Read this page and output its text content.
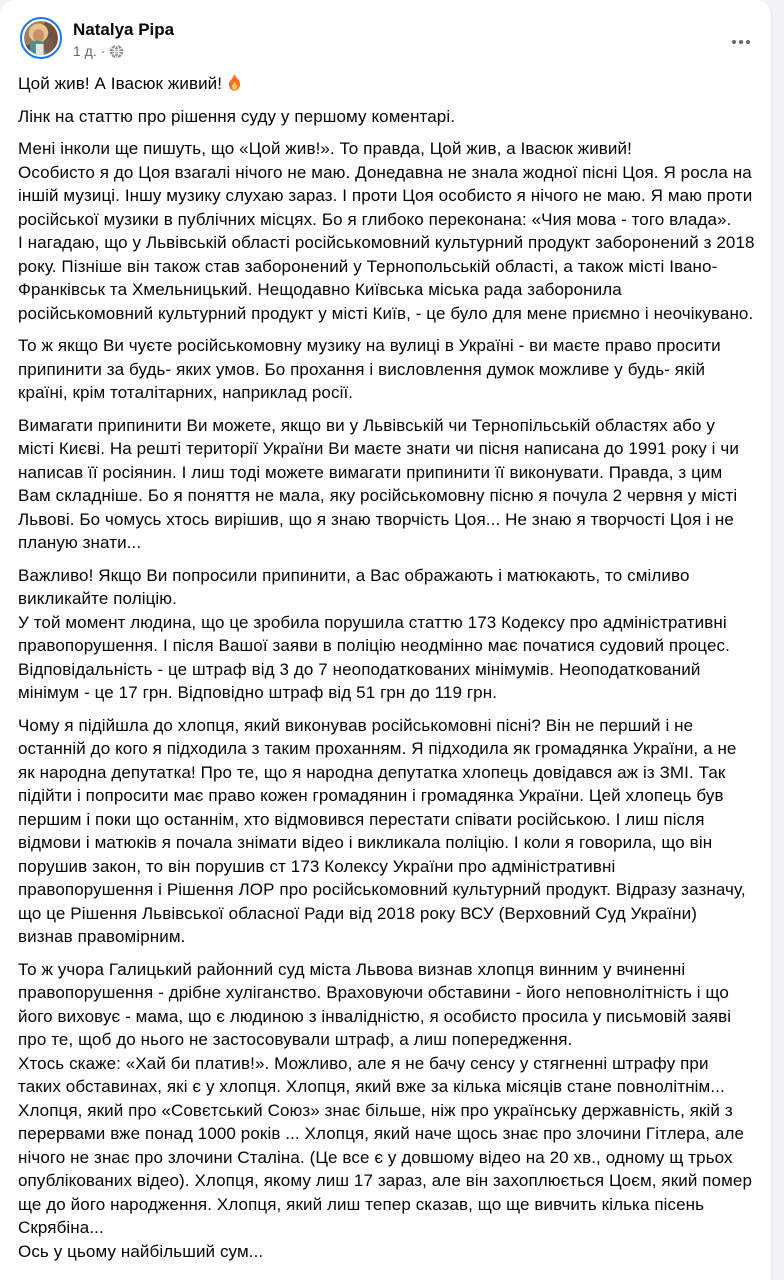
Natalya Pipa
1 д. ·
Цой жив! А Івасюк живий!
Лінк на статтю про рішення суду у першому коментарі.
Мені інколи ще пишуть, що «Цой жив!». То правда, Цой жив, а Івасюк живий!
Особисто я до Цоя взагалі нічого не маю. Донедавна не знала жодної пісні Цоя. Я росла на іншій музиці. Іншу музику слухаю зараз. І проти Цоя особисто я нічого не маю. Я маю проти російської музики в публічних місцях. Бо я глибоко переконана: «Чия мова - того влада».
І нагадаю, що у Львівській області російськомовний культурний продукт заборонений з 2018 року. Пізніше він також став заборонений у Тернопольській області, а також місті Івано- Франківськ та Хмельницький. Нещодавно Київська міська рада заборонила російськомовний культурний продукт у місті Київ, - це було для мене приємно і неочікувано.
То ж якщо Ви чуєте російськомовну музику на вулиці в Україні - ви маєте право просити припинити за будь- яких умов. Бо прохання і висловлення думок можливе у будь- якій країні, крім тоталітарних, наприклад росії.
Вимагати припинити Ви можете, якщо ви у Львівській чи Тернопільській областях або у місті Києві. На решті території України Ви маєте знати чи пісня написана до 1991 року і чи написав її росіянин. І лиш тоді можете вимагати припинити її виконувати. Правда, з цим Вам складніше. Бо я поняття не мала, яку російськомовну пісню я почула 2 червня у місті Львові. Бо чомусь хтось вирішив, що я знаю творчість Цоя... Не знаю я творчості Цоя і не планую знати...
Важливо! Якщо Ви попросили припинити, а Вас ображають і матюкають, то сміливо викликайте поліцію.
У той момент людина, що це зробила порушила статтю 173 Кодексу про адміністративні правопорушення. І після Вашої заяви в поліцію неодмінно має початися судовий процес. Відповідальність - це штраф від 3 до 7 неоподаткованих мінімумів. Неоподаткований мінімум - це 17 грн. Відповідно штраф від 51 грн до 119 грн.
Чому я підійшла до хлопця, який виконував російськомовні пісні? Він не перший і не останній до кого я підходила з таким проханням. Я підходила як громадянка України, а не як народна депутатка! Про те, що я народна депутатка хлопець довідався аж із ЗМІ. Так підійти і попросити має право кожен громадянин і громадянка України. Цей хлопець був першим і поки що останнім, хто відмовився перестати співати російською. І лиш після відмови і матюків я почала знімати відео і викликала поліцію. І коли я говорила, що він порушив закон, то він порушив ст 173 Колексу України про адміністративні правопорушення і Рішення ЛОР про російськомовний культурний продукт. Відразу зазначу, що це Рішення Львівської обласної Ради від 2018 року ВСУ (Верховний Суд України) визнав правомірним.
То ж учора Галицький районний суд міста Львова визнав хлопця винним у вчиненні правопорушення - дрібне хуліганство. Враховуючи обставини - його неповнолітність і що його виховує - мама, що є людиною з інвалідністю, я особисто просила у письмовій заяві про те, щоб до нього не застосовували штраф, а лиш попередження.
Хтось скаже: «Хай би платив!». Можливо, але я не бачу сенсу у стягненні штрафу при таких обставинах, які є у хлопця. Хлопця, який вже за кілька місяців стане повнолітнім... Хлопця, який про «Совєтський Союз» знає більше, ніж про українську державність, якій з перервами вже понад 1000 років ... Хлопця, який наче щось знає про злочини Гітлера, але нічого не знає про злочини Сталіна. (Це все є у довшому відео на 20 хв., одному щ трьох опублікованих відео). Хлопця, якому лиш 17 зараз, але він захоплюється Цоєм, який помер ще до його народження. Хлопця, який лиш тепер сказав, що ще вивчить кілька пісень Скрябіна...
Ось у цьому найбільший сум...
